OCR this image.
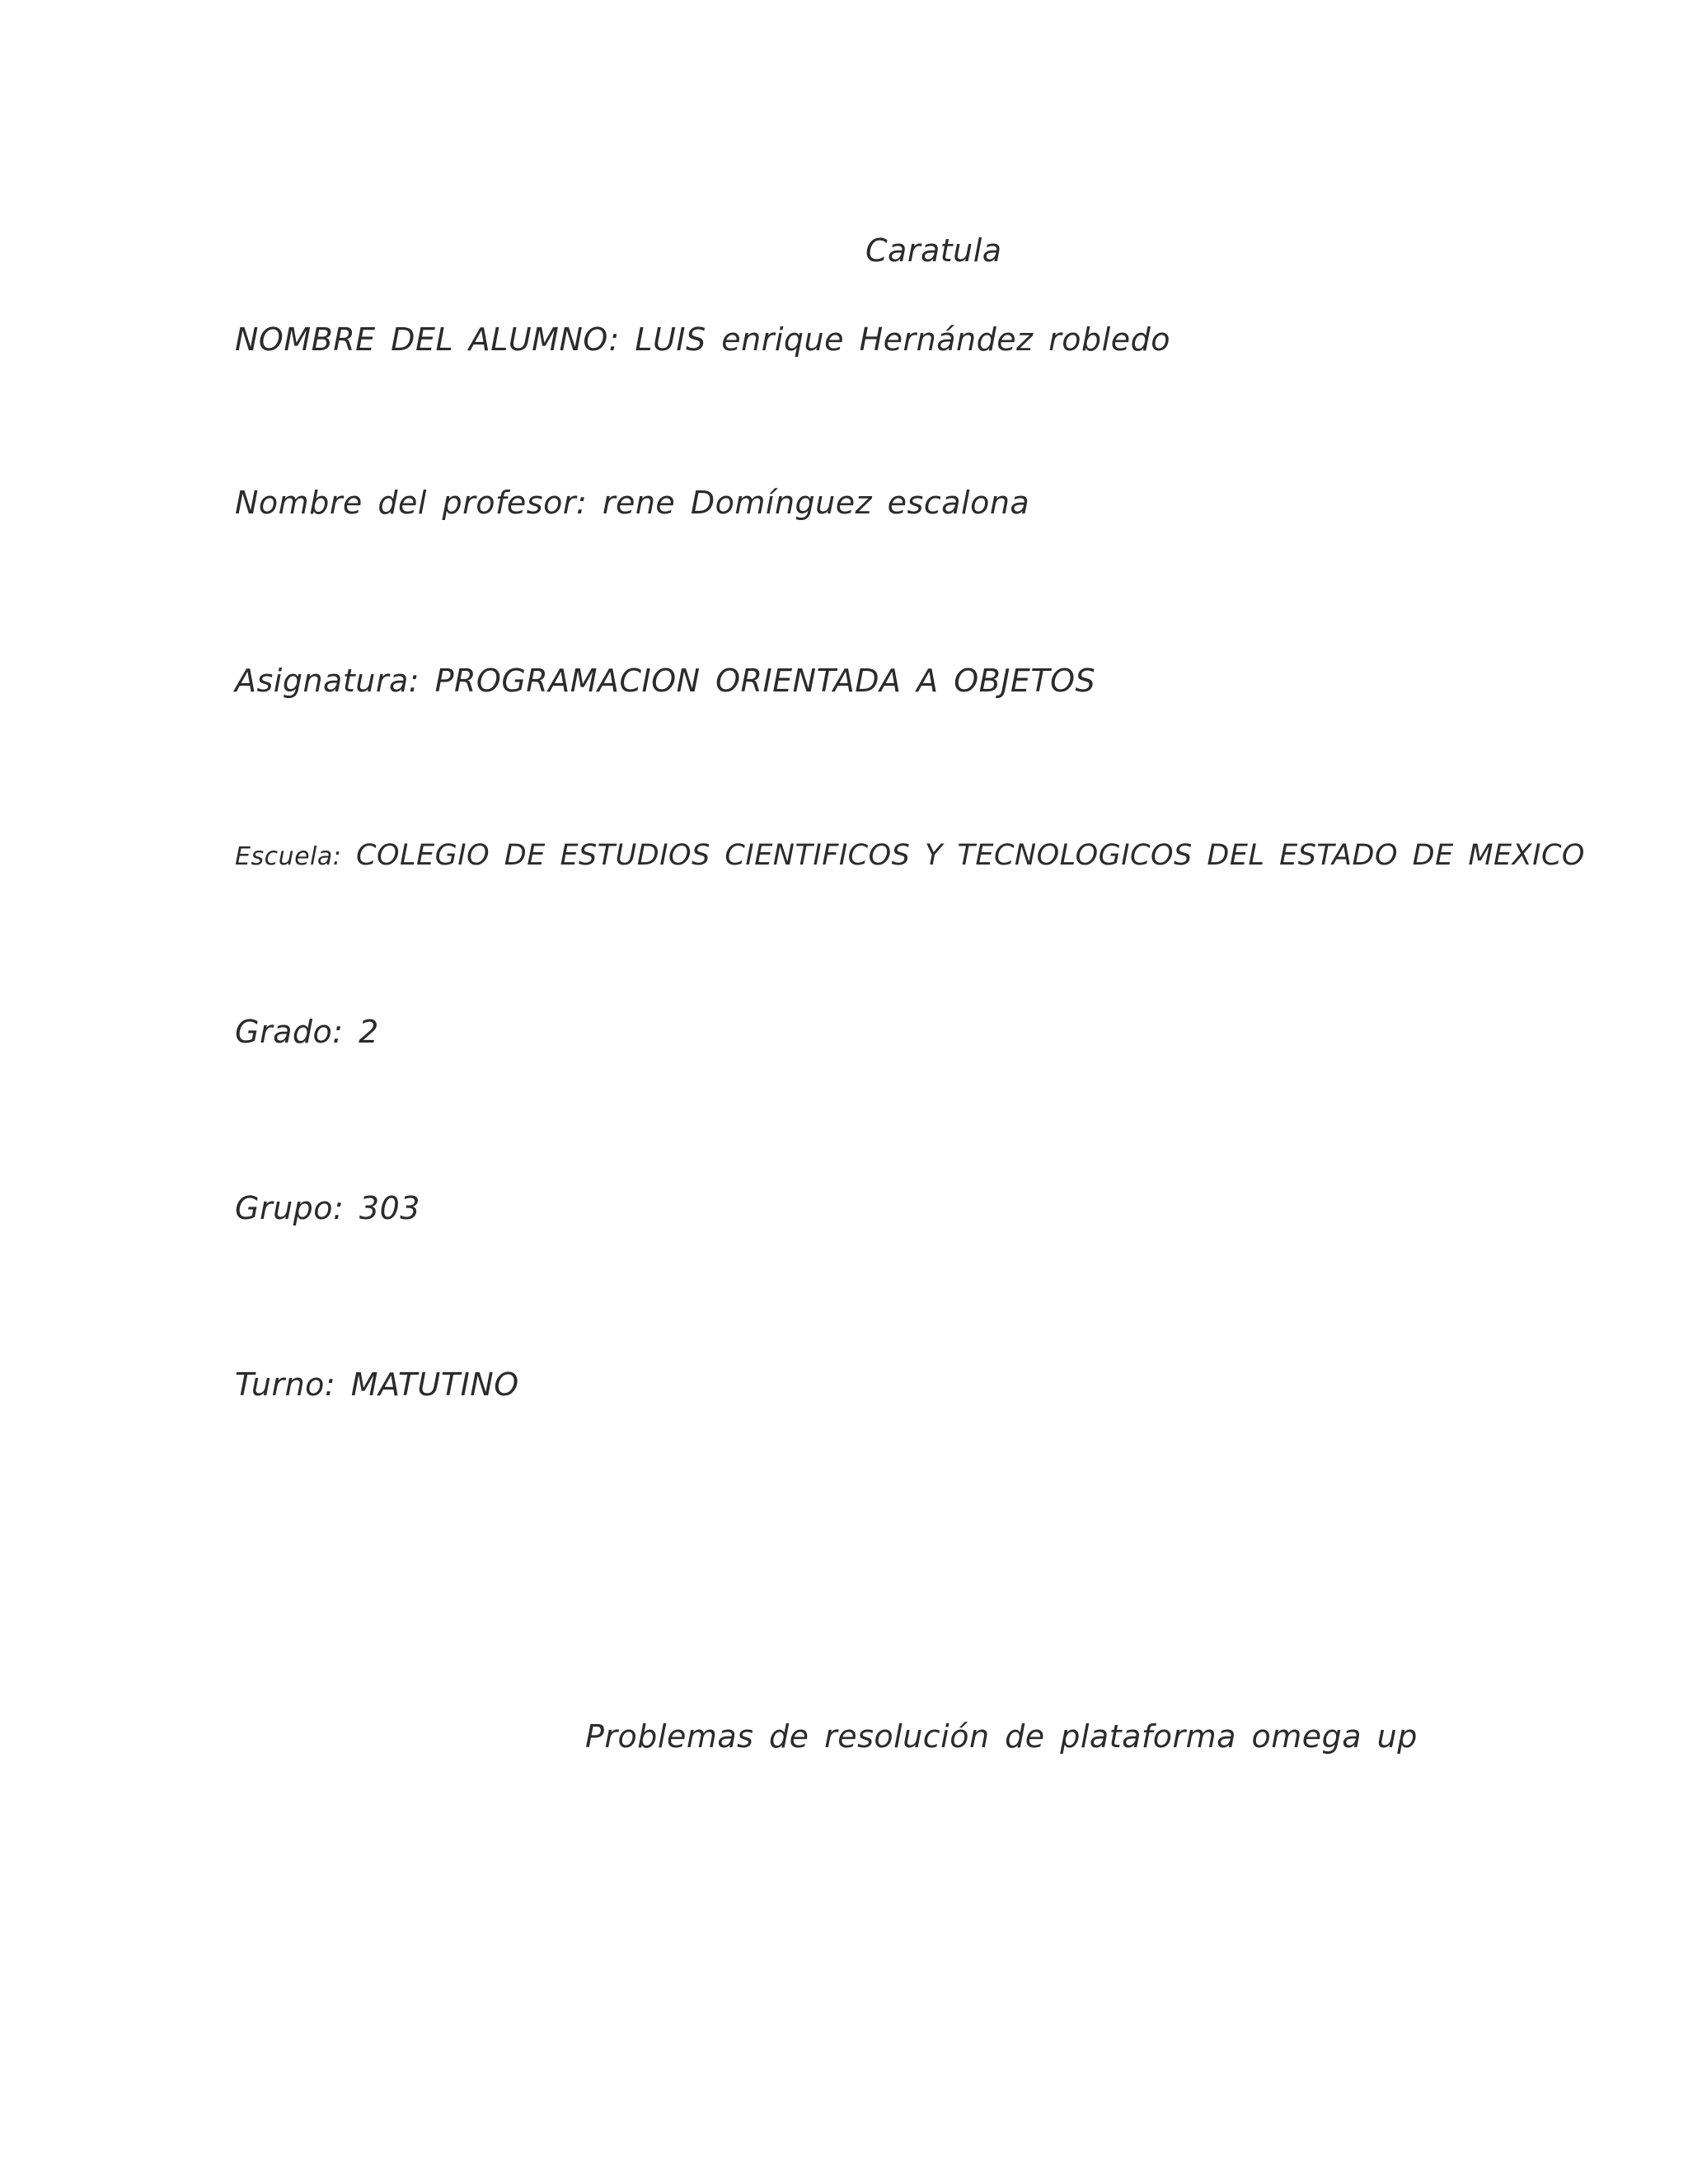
Caratula
NOMBRE DEL ALUMNO: LUIS enrique Hernández robledo
Nombre del profesor: rene Domínguez escalona
Asignatura: PROGRAMACION ORIENTADA A OBJETOS
Escuela: COLEGIO DE ESTUDIOS CIENTIFICOS Y TECNOLOGICOS DEL ESTADO DE MEXICO
Grado: 2
Grupo: 303
Turno: MATUTINO
Problemas de resolución de plataforma omega up
